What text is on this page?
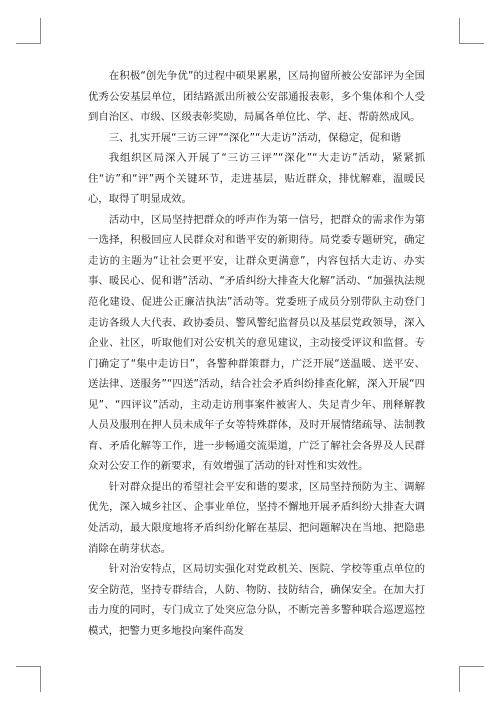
在积极“创先争优”的过程中硕果累累，区局拘留所被公安部评为全国优秀公安基层单位，团结路派出所被公安部通报表彰，多个集体和个人受到自治区、市级、区级表彰奖励，局属各单位比、学、赶、帮蔚然成风。

三、扎实开展“三访三评”“深化”“大走访”活动，保稳定，促和谐

我组织区局深入开展了“三访三评”“深化”“大走访”活动，紧紧抓住“访”和“评”两个关键环节，走进基层，贴近群众，排忧解难，温暖民心，取得了明显成效。

活动中，区局坚持把群众的呼声作为第一信号，把群众的需求作为第一选择，积极回应人民群众对和谐平安的新期待。局党委专题研究，确定走访的主题为“让社会更平安，让群众更满意”，内容包括大走访、办实事、暖民心、促和谐”活动、“矛盾纠纷大排查大化解”活动、“加强执法规范化建设、促进公正廉洁执法”活动等。党委班子成员分别带队主动登门走访各级人大代表、政协委员、警风警纪监督员以及基层党政领导，深入企业、社区，听取他们对公安机关的意见建议，主动接受评议和监督。专门确定了“集中走访日”，各警种群策群力，广泛开展“送温暖、送平安、送法律、送服务”“四送”活动，结合社会矛盾纠纷排查化解，深入开展“四见”、“四评议”活动，主动走访刑事案件被害人、失足青少年、刑释解教人员及服刑在押人员未成年子女等特殊群体，及时开展情绪疏导、法制教育、矛盾化解等工作，进一步畅通交流渠道，广泛了解社会各界及人民群众对公安工作的新要求，有效增强了活动的针对性和实效性。

针对群众提出的希望社会平安和谐的要求，区局坚持预防为主、调解优先，深入城乡社区、企事业单位，坚持不懈地开展矛盾纠纷大排查大调处活动，最大限度地将矛盾纠纷化解在基层、把问题解决在当地、把隐患消除在萌芽状态。

针对治安特点，区局切实强化对党政机关、医院、学校等重点单位的安全防范，坚持专群结合，人防、物防、技防结合，确保安全。在加大打击力度的同时，专门成立了处突应急分队，不断完善多警种联合巡逻巡控模式，把警力更多地投向案件高发
